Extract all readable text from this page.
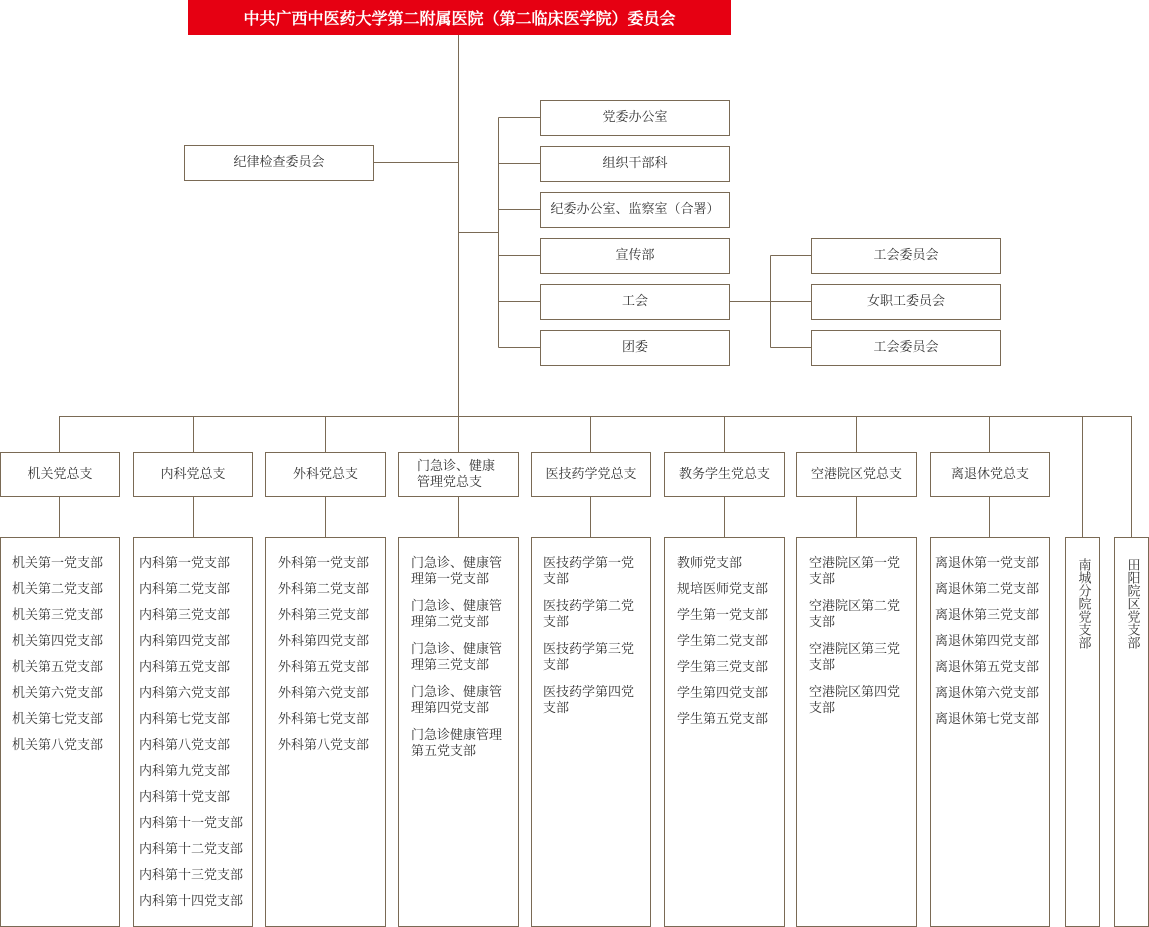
中共广西中医药大学第二附属医院（第二临床医学院）委员会
纪律检查委员会
党委办公室
组织干部科
纪委办公室、监察室（合署）
宣传部
工会
团委
工会委员会
女职工委员会
工会委员会
机关党总支	内科党总支	外科党总支
门急诊、健康管理党总支
医技药学党总支	教务学生党总支	空港院区党总支	离退休党总支
机关第一党支部
机关第二党支部
机关第三党支部
机关第四党支部
机关第五党支部
机关第六党支部
机关第七党支部
机关第八党支部
内科第一党支部
内科第二党支部
内科第三党支部
内科第四党支部
内科第五党支部
内科第六党支部
内科第七党支部
内科第八党支部
内科第九党支部
内科第十党支部
内科第十一党支部
内科第十二党支部
内科第十三党支部
内科第十四党支部
外科第一党支部
外科第二党支部
外科第三党支部
外科第四党支部
外科第五党支部
外科第六党支部
外科第七党支部
外科第八党支部
门急诊、健康管理第一党支部
门急诊、健康管理第二党支部
门急诊、健康管理第三党支部
门急诊、健康管理第四党支部
门急诊健康管理第五党支部
医技药学第一党支部
医技药学第二党支部
医技药学第三党支部
医技药学第四党支部
教师党支部
规培医师党支部
学生第一党支部
学生第二党支部
学生第三党支部
学生第四党支部
学生第五党支部
空港院区第一党支部
空港院区第二党支部
空港院区第三党支部
空港院区第四党支部
离退休第一党支部
离退休第二党支部
离退休第三党支部
离退休第四党支部
离退休第五党支部
离退休第六党支部
离退休第七党支部
南城分院党支部	田阳院区党支部
